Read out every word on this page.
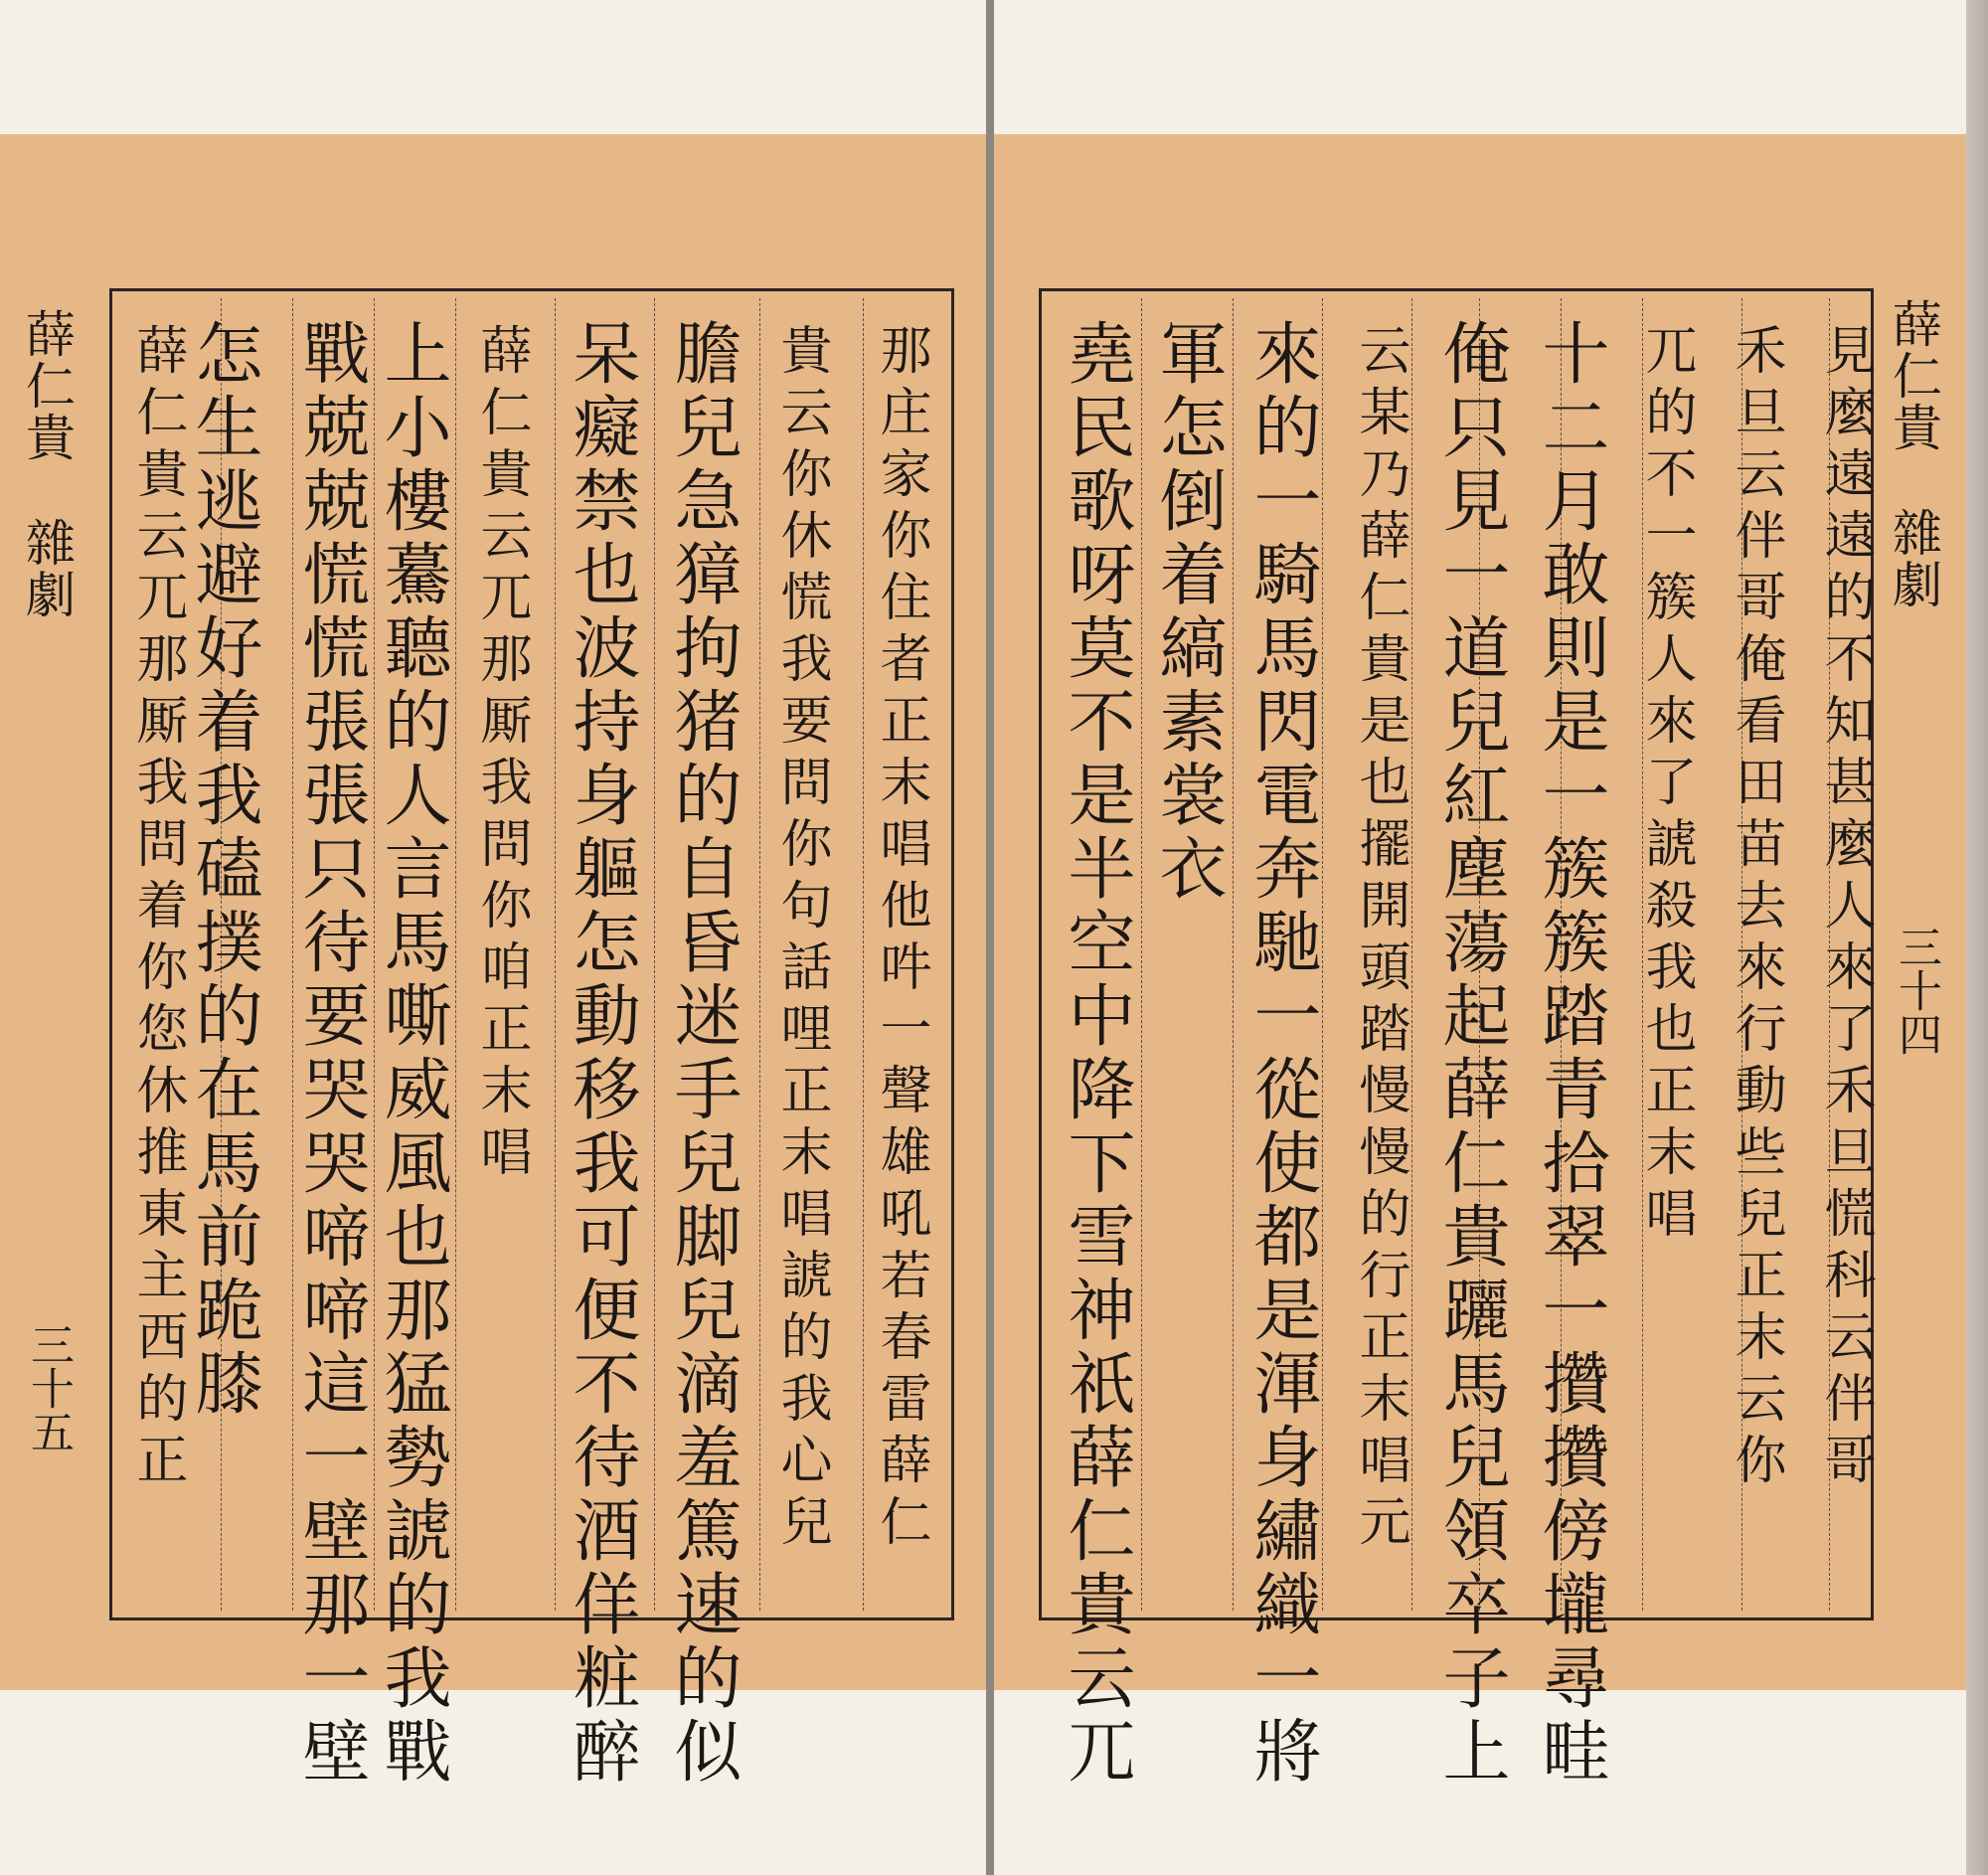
那庄家你住者正末唱他吽一聲雄吼若春雷薛仁
貴云你休慌我要問你句話哩正末唱諕的我心兒
膽兒急獐拘猪的自昏迷手兒脚兒滴羞篤速的似
呆癡禁也波持身軀怎動移我可便不待酒佯粧醉
薛仁貴云兀那厮我問你咱正末唱
上小樓驀聽的人言馬嘶威風也那猛勢諕的我戰
戰兢兢慌慌張張只待要哭哭啼啼這一壁那一壁
怎生逃避好着我磕撲的在馬前跪膝
薛仁貴云兀那厮我問着你您休推東主西的正
薛仁貴
雜劇
三十五	見麼遠遠的不知甚麼人來了禾旦慌科云伴哥
禾旦云伴哥俺看田苗去來行動些兒正末云你
兀的不一簇人來了諕殺我也正末唱
十二月敢則是一簇簇踏青拾翠一攢攢傍壠尋畦
俺只見一道兒紅塵蕩起薛仁貴躧馬兒領卒子上
云某乃薛仁貴是也擺開頭踏慢慢的行正末唱元
來的一騎馬閃電奔馳一從使都是渾身繡織一將
軍怎倒着縞素裳衣
堯民歌呀莫不是半空中降下雪神祇薛仁貴云兀	薛仁貴
雜劇
三十四
